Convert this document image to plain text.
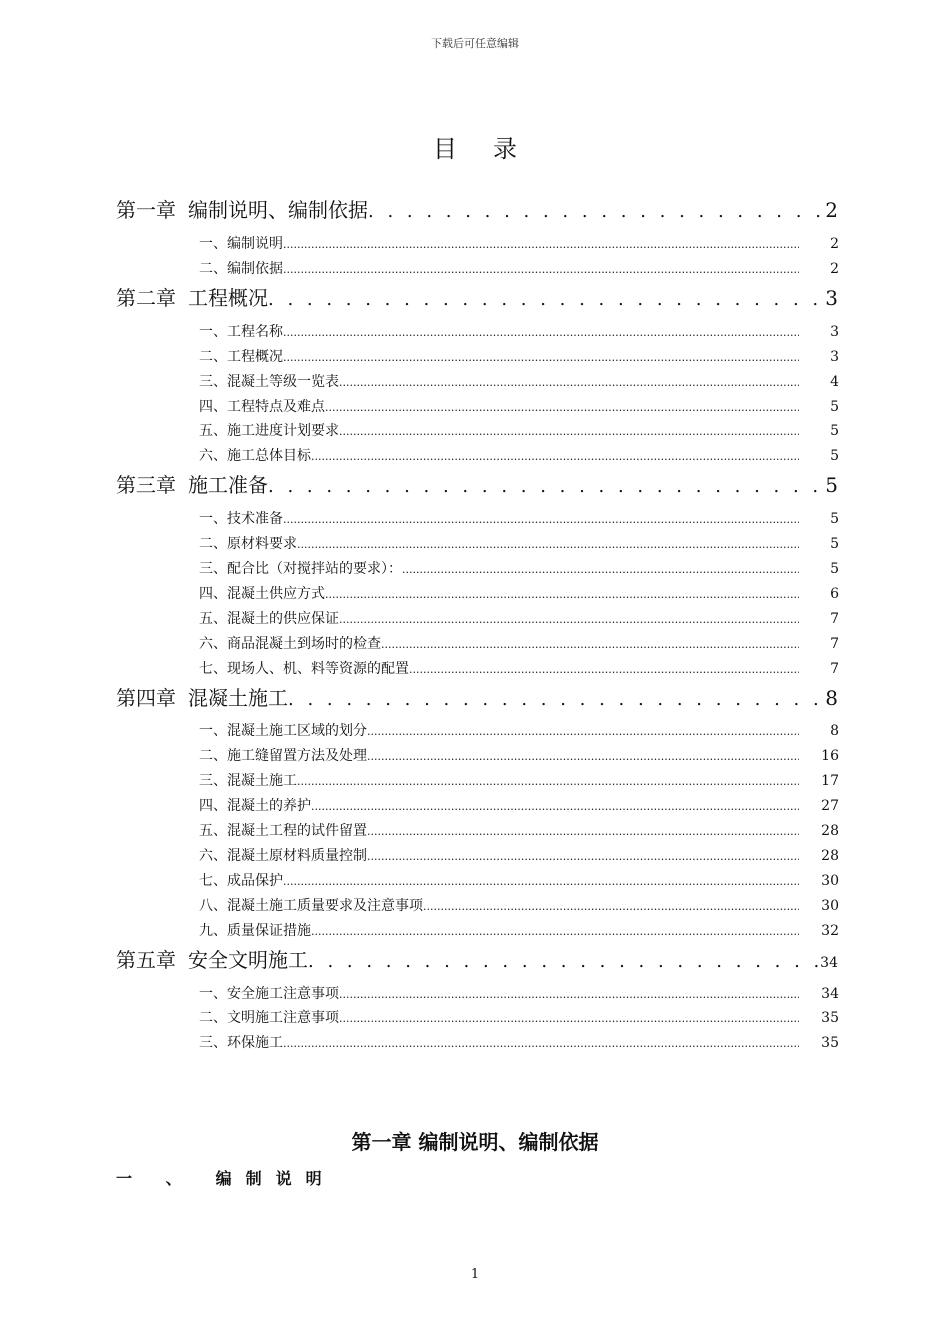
下载后可任意编辑
目录
第一章 编制说明、编制依据 . . .	2
一、编制说明 .....	2
二、编制依据 .....	2
第二章 工程概况 . . .	3
一、工程名称 .....	3
二、工程概况 .....	3
三、混凝土等级一览表 .....	4
四、工程特点及难点 .....	5
五、施工进度计划要求 .....	5
六、施工总体目标 .....	5
第三章 施工准备 . . .	5
一、技术准备 .....	5
二、原材料要求 .....	5
三、配合比（对搅拌站的要求）： .....	5
四、混凝土供应方式 .....	6
五、混凝土的供应保证 .....	7
六、商品混凝土到场时的检查 .....	7
七、现场人、机、料等资源的配置 .....	7
第四章 混凝土施工 . . .	8
一、混凝土施工区域的划分 .....	8
二、施工缝留置方法及处理 .....	16
三、混凝土施工 .....	17
四、混凝土的养护 .....	27
五、混凝土工程的试件留置 .....	28
六、混凝土原材料质量控制 .....	28
七、成品保护 .....	30
八、混凝土施工质量要求及注意事项 .....	30
九、质量保证措施 .....	32
第五章 安全文明施工 . . .	34
一、安全施工注意事项 .....	34
二、文明施工注意事项 .....	35
三、环保施工 .....	35
第一章 编制说明、编制依据
一 、 编制说明
1
